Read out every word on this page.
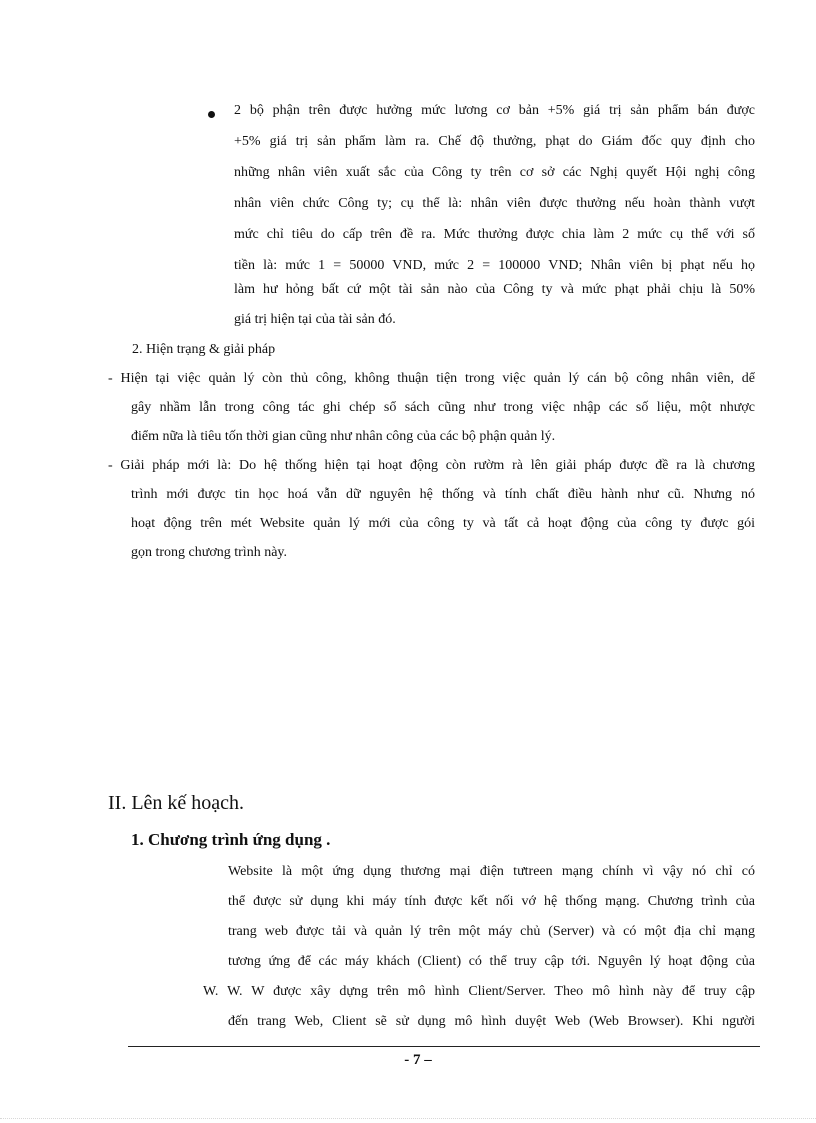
2 bộ phận trên được hưởng mức lương cơ bản +5% giá trị sản phẩm bán được

+5% giá trị sản phẩm làm ra. Chế độ thưởng, phạt do Giám đốc quy định cho

những nhân viên xuất sắc của Công ty trên cơ sở các Nghị quyết Hội nghị công

nhân viên chức Công ty; cụ thể là: nhân viên được thưởng nếu hoàn thành vượt

mức chỉ tiêu do cấp trên đề ra. Mức thưởng được chia làm 2 mức cụ thể với số

tiền là: mức 1 = 50000 VND, mức 2 = 100000 VND; Nhân viên bị phạt nếu họ

làm hư hỏng bất cứ một tài sản nào của Công ty và mức phạt phải chịu là 50%

giá trị hiện tại của tài sản đó.

2. Hiện trạng & giải pháp

- Hiện tại việc quản lý còn thủ công, không thuận tiện trong việc quản lý cán bộ công nhân viên, dể

gây nhầm lẫn trong công tác ghi chép sổ sách cũng như trong việc nhập các số liệu, một nhược

điểm nữa là tiêu tốn thời gian cũng như nhân công của các bộ phận quản lý.

- Giải pháp mới là: Do hệ thống hiện tại hoạt động còn rườm rà lên giải pháp được đề ra là chương

trình mới được tin học hoá vẫn dữ nguyên hệ thống và tính chất điều hành như cũ. Nhưng nó

hoạt động trên mét Website quản lý mới của công ty và tất cả hoạt động của công ty được gói

gọn trong chương trình này.

II. Lên kế hoạch.
1. Chương trình ứng dụng .

Website là một ứng dụng thương mại điện tưtreen mạng chính vì vậy nó chỉ có

thể được sử dụng khi máy tính được kết nối vớ hệ thống mạng. Chương trình của

trang web được tải và quản lý trên một máy chủ (Server) và có một địa chỉ mạng

tương ứng để các máy khách (Client) có thể truy cập tới. Nguyên lý hoạt động của

W. W. W được xây dựng trên mô hình Client/Server. Theo mô hình này để truy cập

đến trang Web, Client sẽ sử dụng mô hình duyệt Web (Web Browser). Khi người

- 7 –
